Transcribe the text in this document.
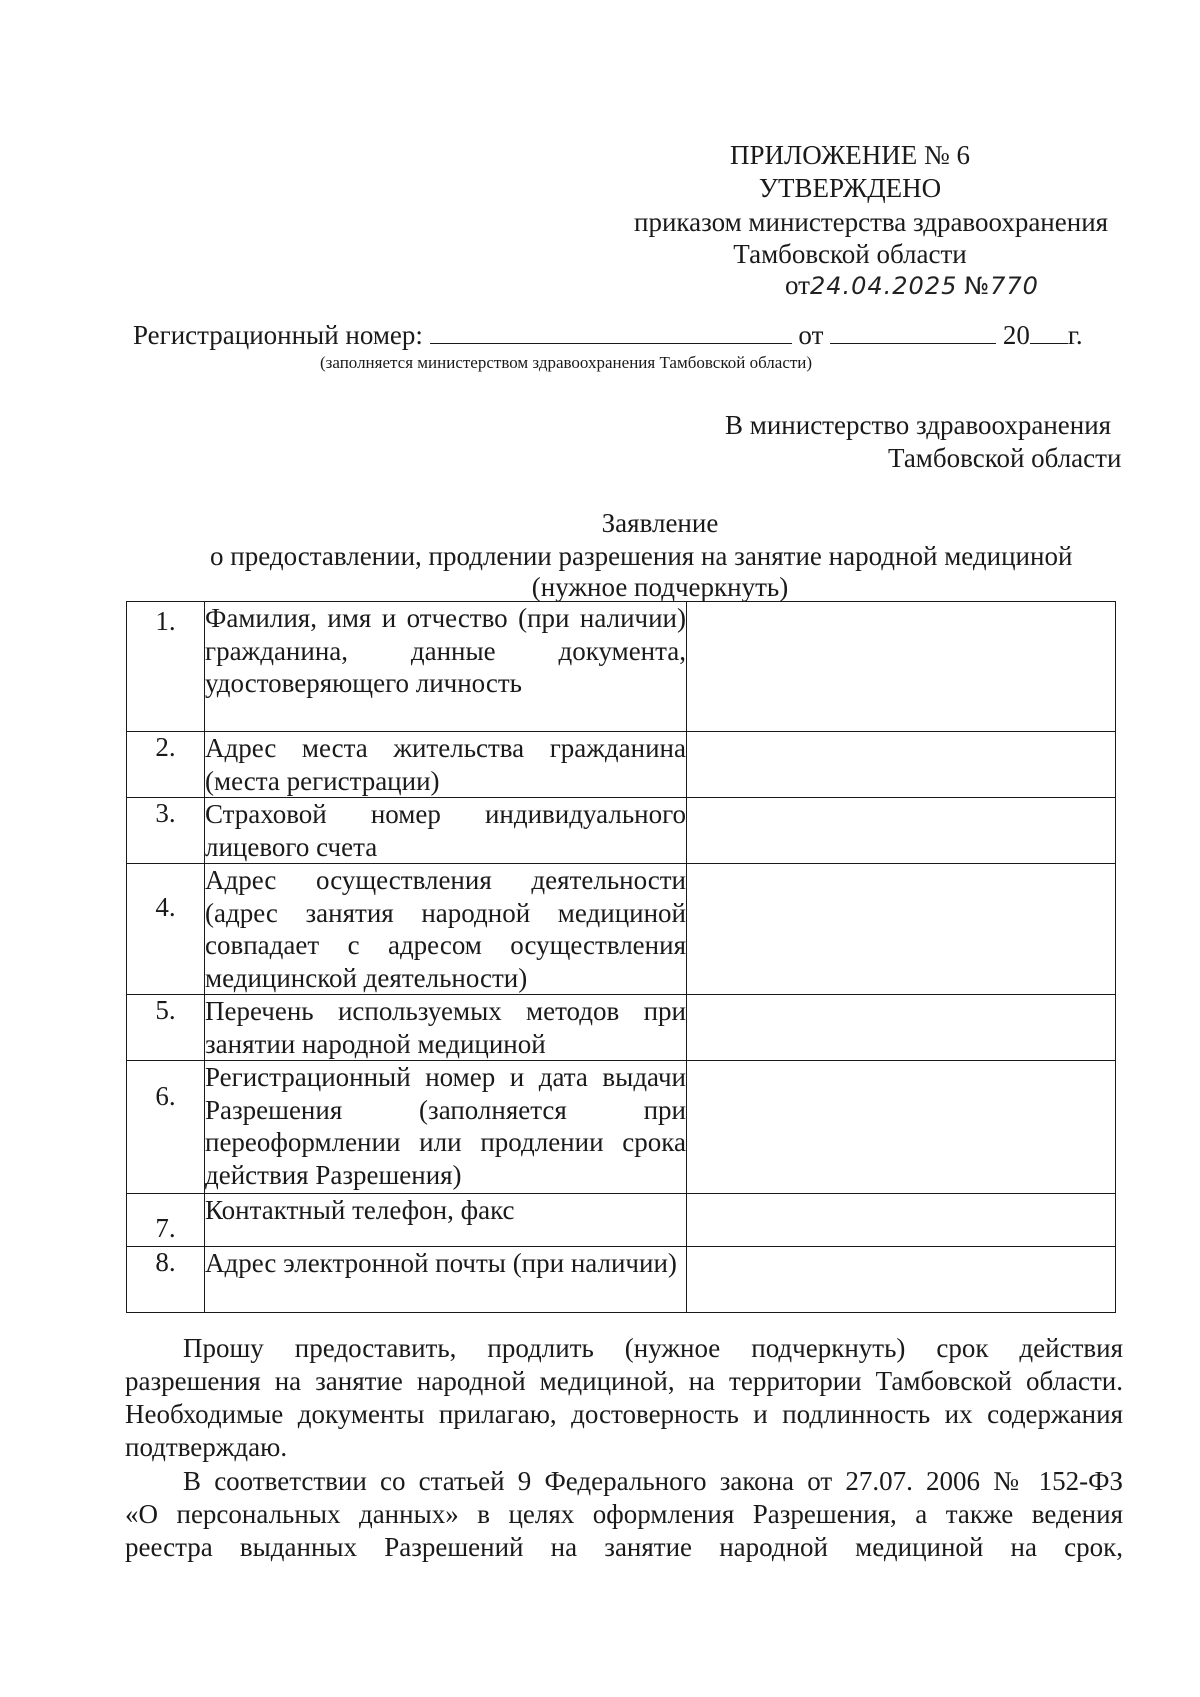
ПРИЛОЖЕНИЕ № 6
УТВЕРЖДЕНО
приказом министерства здравоохранения
Тамбовской области
от24.04.2025 №770
Регистрационный номер:	от	20 г.
(заполняется министерством здравоохранения Тамбовской области)
В министерство здравоохранения
Тамбовской области
Заявление
о предоставлении, продлении разрешения на занятие народной медициной
(нужное подчеркнуть)
1.	Фамилия, имя и отчество (при наличии) гражданина, данные документа, удостоверяющего личность	
2.	Адрес места жительства гражданина (места регистрации)	
3.	Страховой номер индивидуального лицевого счета	
4.	Адрес осуществления деятельности (адрес занятия народной медициной совпадает с адресом осуществления медицинской деятельности)	
5.	Перечень используемых методов при занятии народной медициной	
6.	Регистрационный номер и дата выдачи Разрешения (заполняется при переоформлении или продлении срока действия Разрешения)	
7.	Контактный телефон, факс	
8.	Адрес электронной почты (при наличии)	
Прошу предоставить, продлить (нужное подчеркнуть) срок действия
разрешения на занятие народной медициной, на территории Тамбовской области.
Необходимые документы прилагаю, достоверность и подлинность их содержания
подтверждаю.
В соответствии со статьей 9 Федерального закона от 27.07. 2006 № 152-ФЗ
«О персональных данных» в целях оформления Разрешения, а также ведения
реестра выданных Разрешений на занятие народной медициной на срок,
